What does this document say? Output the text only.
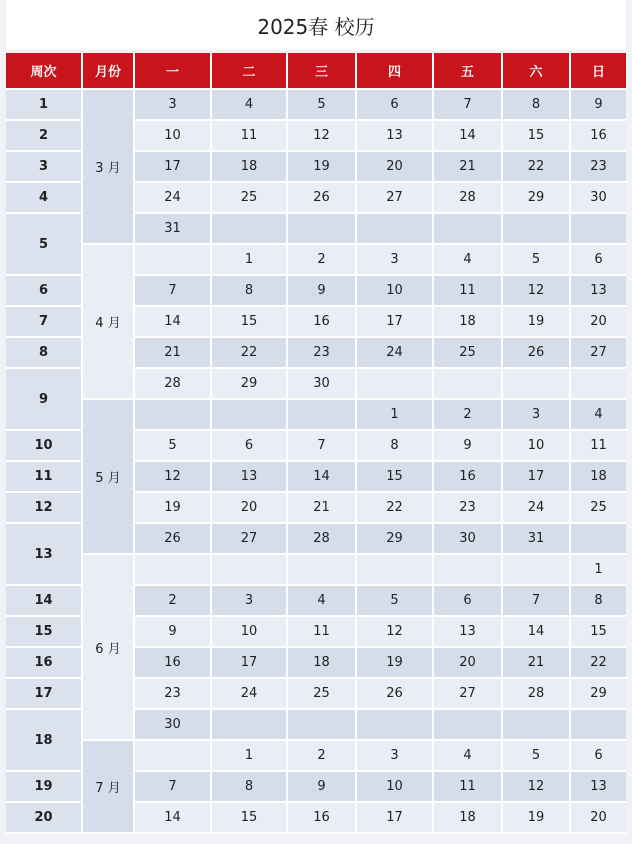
2025春 校历
周次	月份	一	二	三	四	五	六	日
1	3 月	3	4	5	6	7	8	9
2		10	11	12	13	14	15	16
3		17	18	19	20	21	22	23
4		24	25	26	27	28	29	30
5		31						
	4 月		1	2	3	4	5	6
6		7	8	9	10	11	12	13
7		14	15	16	17	18	19	20
8		21	22	23	24	25	26	27
9		28	29	30				
	5 月				1	2	3	4
10		5	6	7	8	9	10	11
11		12	13	14	15	16	17	18
12		19	20	21	22	23	24	25
13		26	27	28	29	30	31	
	6 月							1
14		2	3	4	5	6	7	8
15		9	10	11	12	13	14	15
16		16	17	18	19	20	21	22
17		23	24	25	26	27	28	29
18		30						
	7 月		1	2	3	4	5	6
19		7	8	9	10	11	12	13
20		14	15	16	17	18	19	20
